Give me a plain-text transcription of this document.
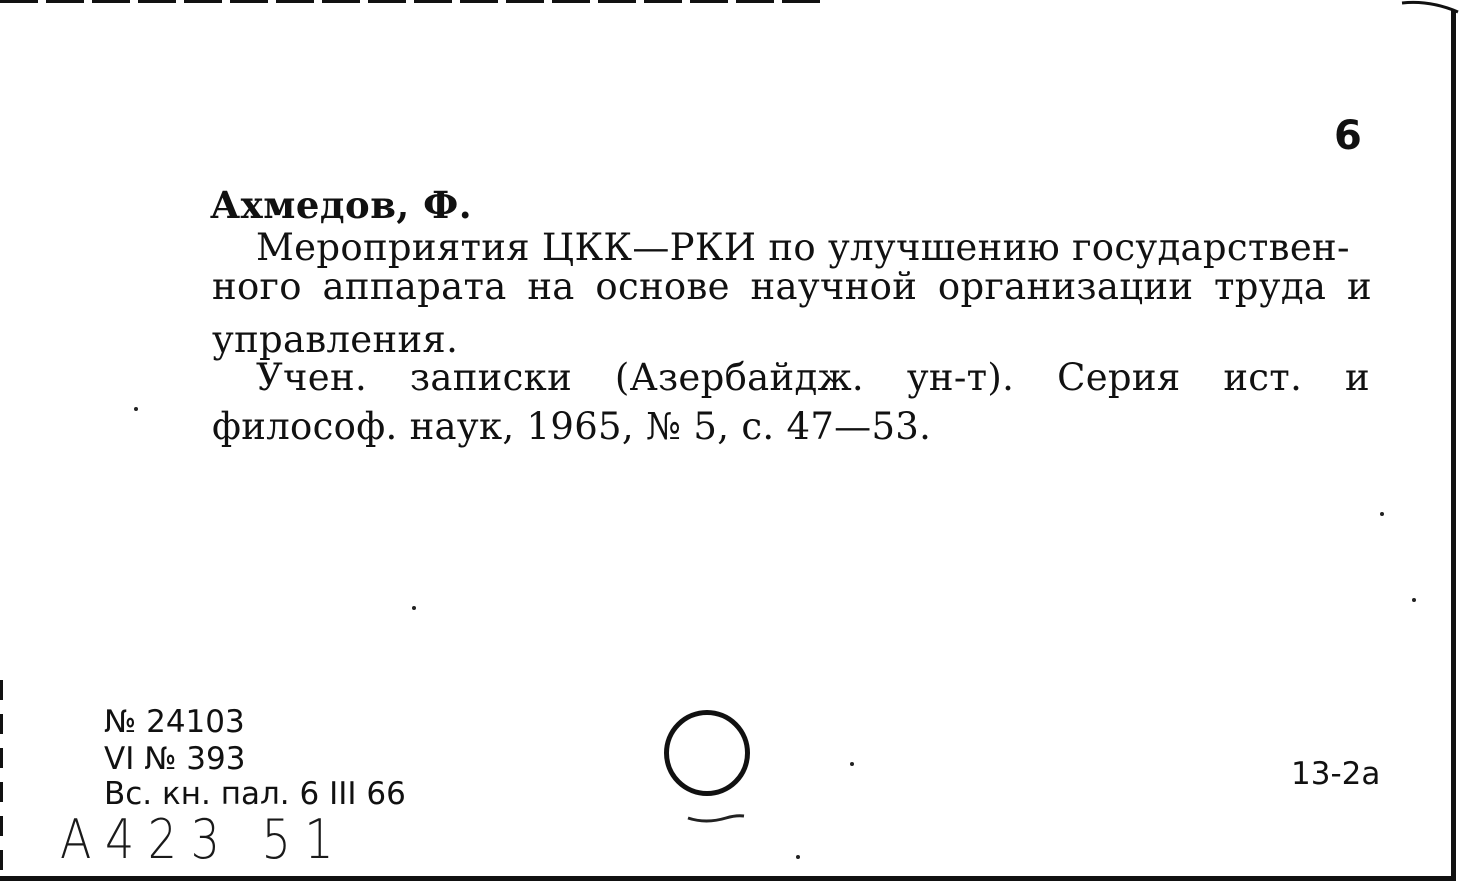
6
Ахмедов, Ф.
Мероприятия ЦКК—РКИ по улучшению государствен-
ного аппарата на основе научной организации труда и
управления.
Учен. записки (Азербайдж. ун-т). Серия ист. и
философ. наук, 1965, № 5, с. 47—53.
№ 24103
VI № 393
Вс. кн. пал. 6 III 66
13-2а
А423 51
